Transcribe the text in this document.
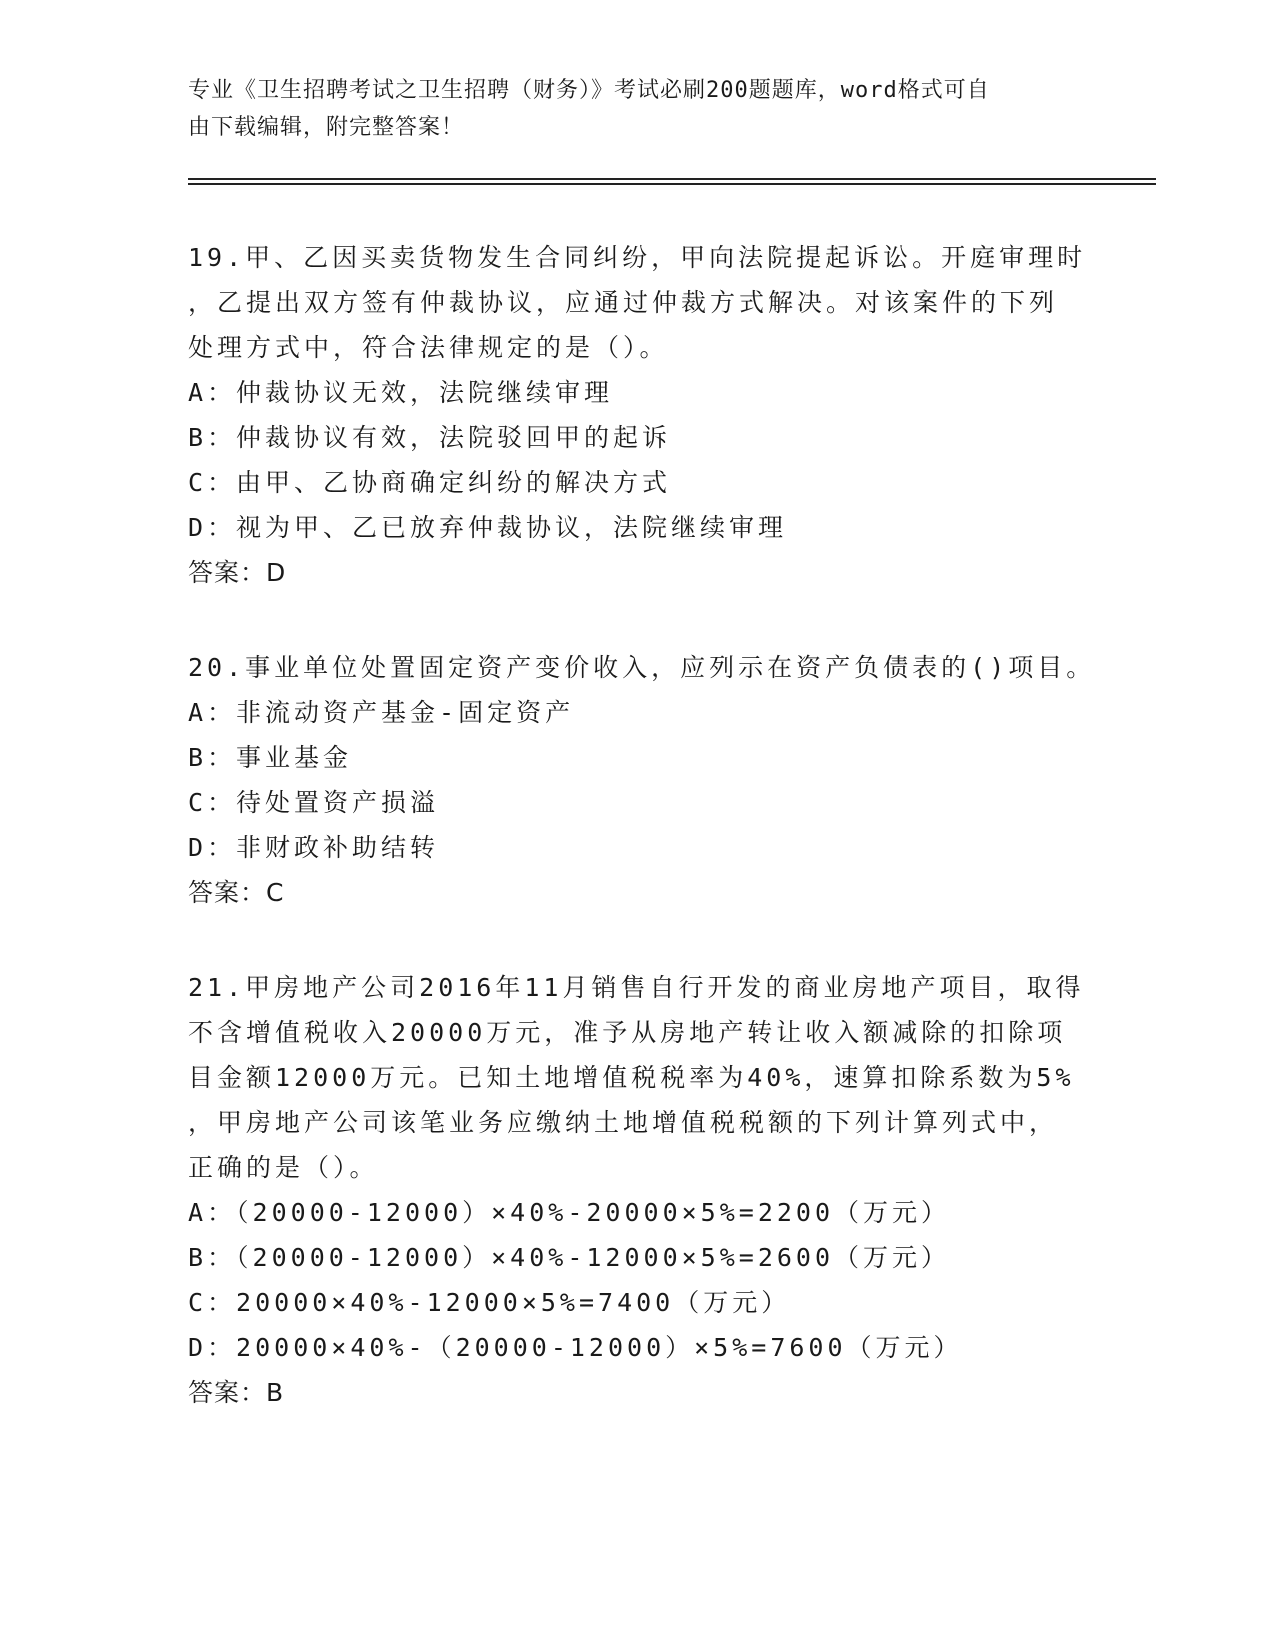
专业《卫生招聘考试之卫生招聘（财务）》考试必刷200题题库，word格式可自
由下载编辑，附完整答案！
19.甲、乙因买卖货物发生合同纠纷，甲向法院提起诉讼。开庭审理时
，乙提出双方签有仲裁协议，应通过仲裁方式解决。对该案件的下列
处理方式中，符合法律规定的是（）。
A：仲裁协议无效，法院继续审理
B：仲裁协议有效，法院驳回甲的起诉
C：由甲、乙协商确定纠纷的解决方式
D：视为甲、乙已放弃仲裁协议，法院继续审理
答案：D
20.事业单位处置固定资产变价收入，应列示在资产负债表的()项目。
A：非流动资产基金-固定资产
B：事业基金
C：待处置资产损溢
D：非财政补助结转
答案：C
21.甲房地产公司2016年11月销售自行开发的商业房地产项目，取得
不含增值税收入20000万元，准予从房地产转让收入额减除的扣除项
目金额12000万元。已知土地增值税税率为40%，速算扣除系数为5%
，甲房地产公司该笔业务应缴纳土地增值税税额的下列计算列式中，
正确的是（）。
A：（20000-12000）×40%-20000×5%=2200（万元）
B：（20000-12000）×40%-12000×5%=2600（万元）
C：20000×40%-12000×5%=7400（万元）
D：20000×40%-（20000-12000）×5%=7600（万元）
答案：B
